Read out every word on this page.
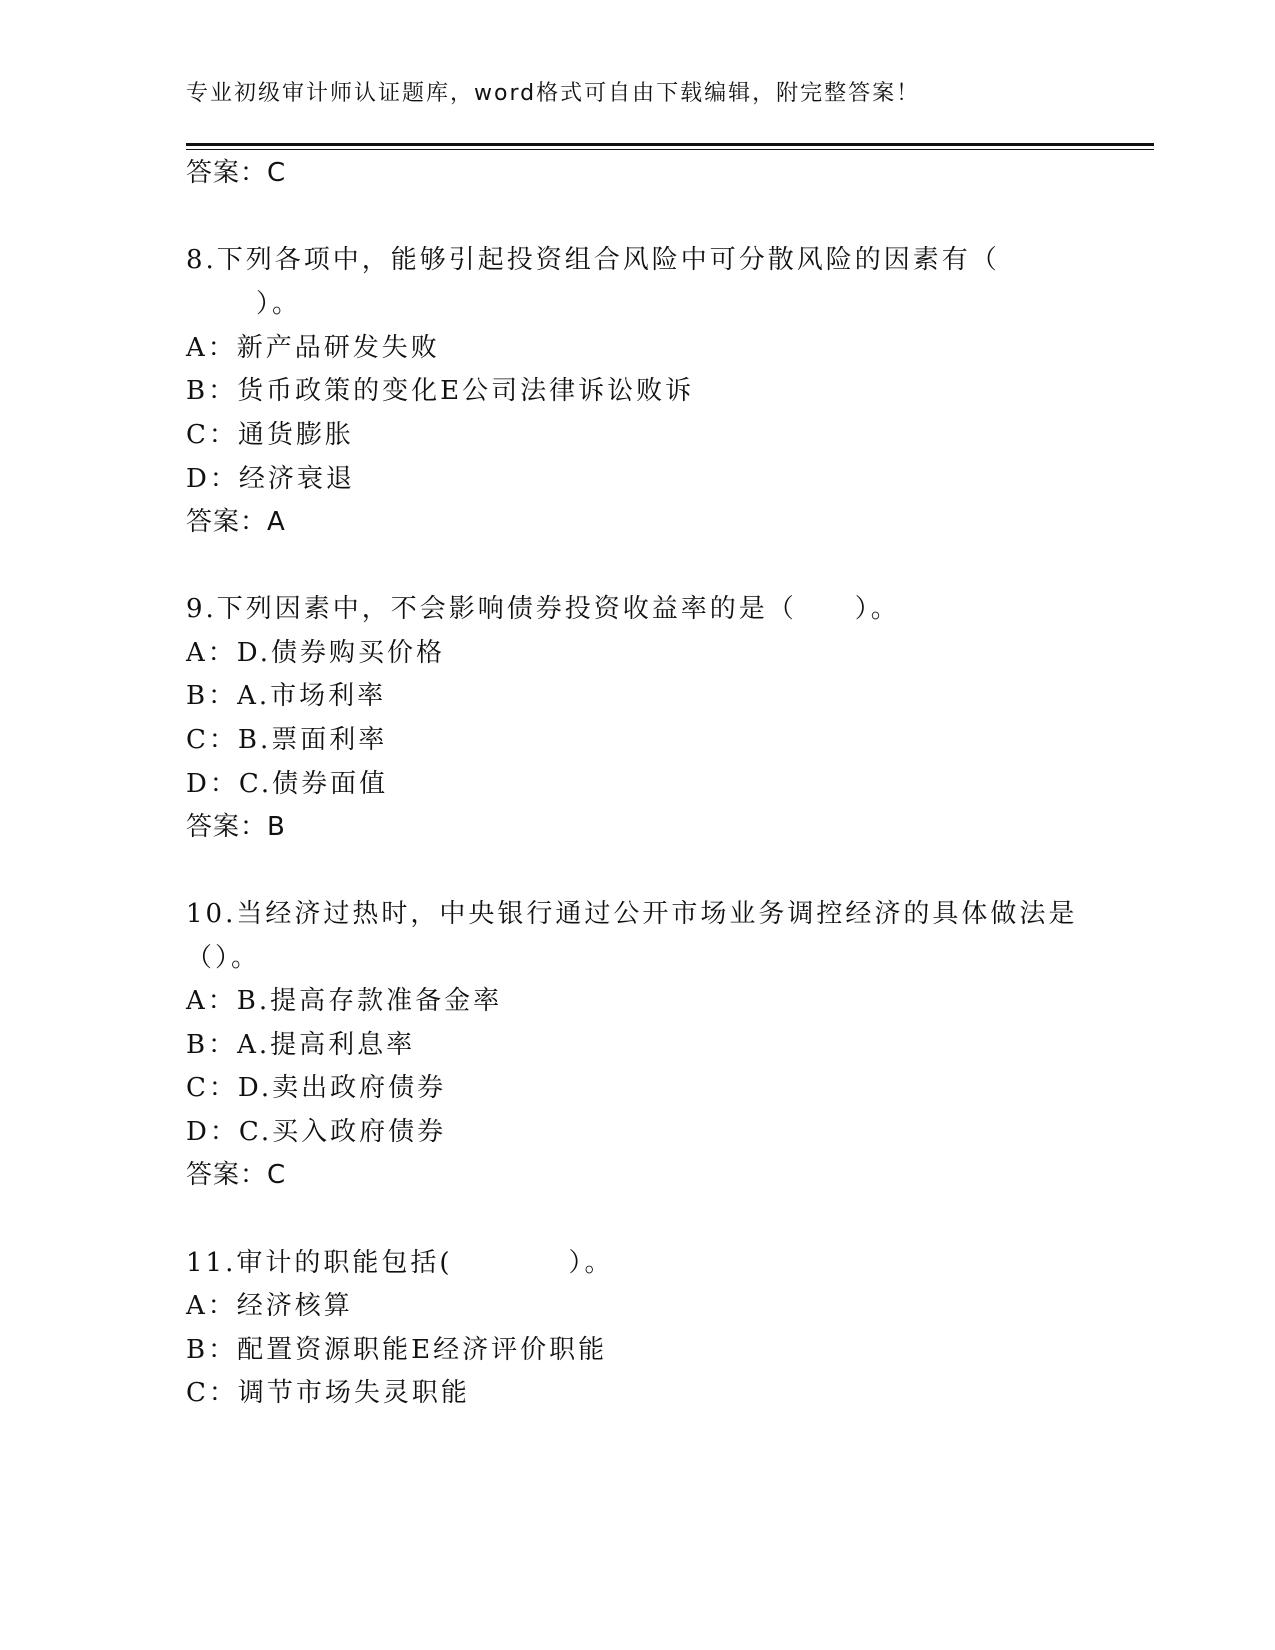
专业初级审计师认证题库，word格式可自由下载编辑，附完整答案！
答案：C
8.下列各项中，能够引起投资组合风险中可分散风险的因素有（
）。
A：新产品研发失败
B：货币政策的变化E公司法律诉讼败诉
C：通货膨胀
D：经济衰退
答案：A
9.下列因素中，不会影响债券投资收益率的是（　　）。
A：D.债券购买价格
B：A.市场利率
C：B.票面利率
D：C.债券面值
答案：B
10.当经济过热时，中央银行通过公开市场业务调控经济的具体做法是
（）。
A：B.提高存款准备金率
B：A.提高利息率
C：D.卖出政府债券
D：C.买入政府债券
答案：C
11.审计的职能包括(　　　　）。
A：经济核算
B：配置资源职能E经济评价职能
C：调节市场失灵职能
